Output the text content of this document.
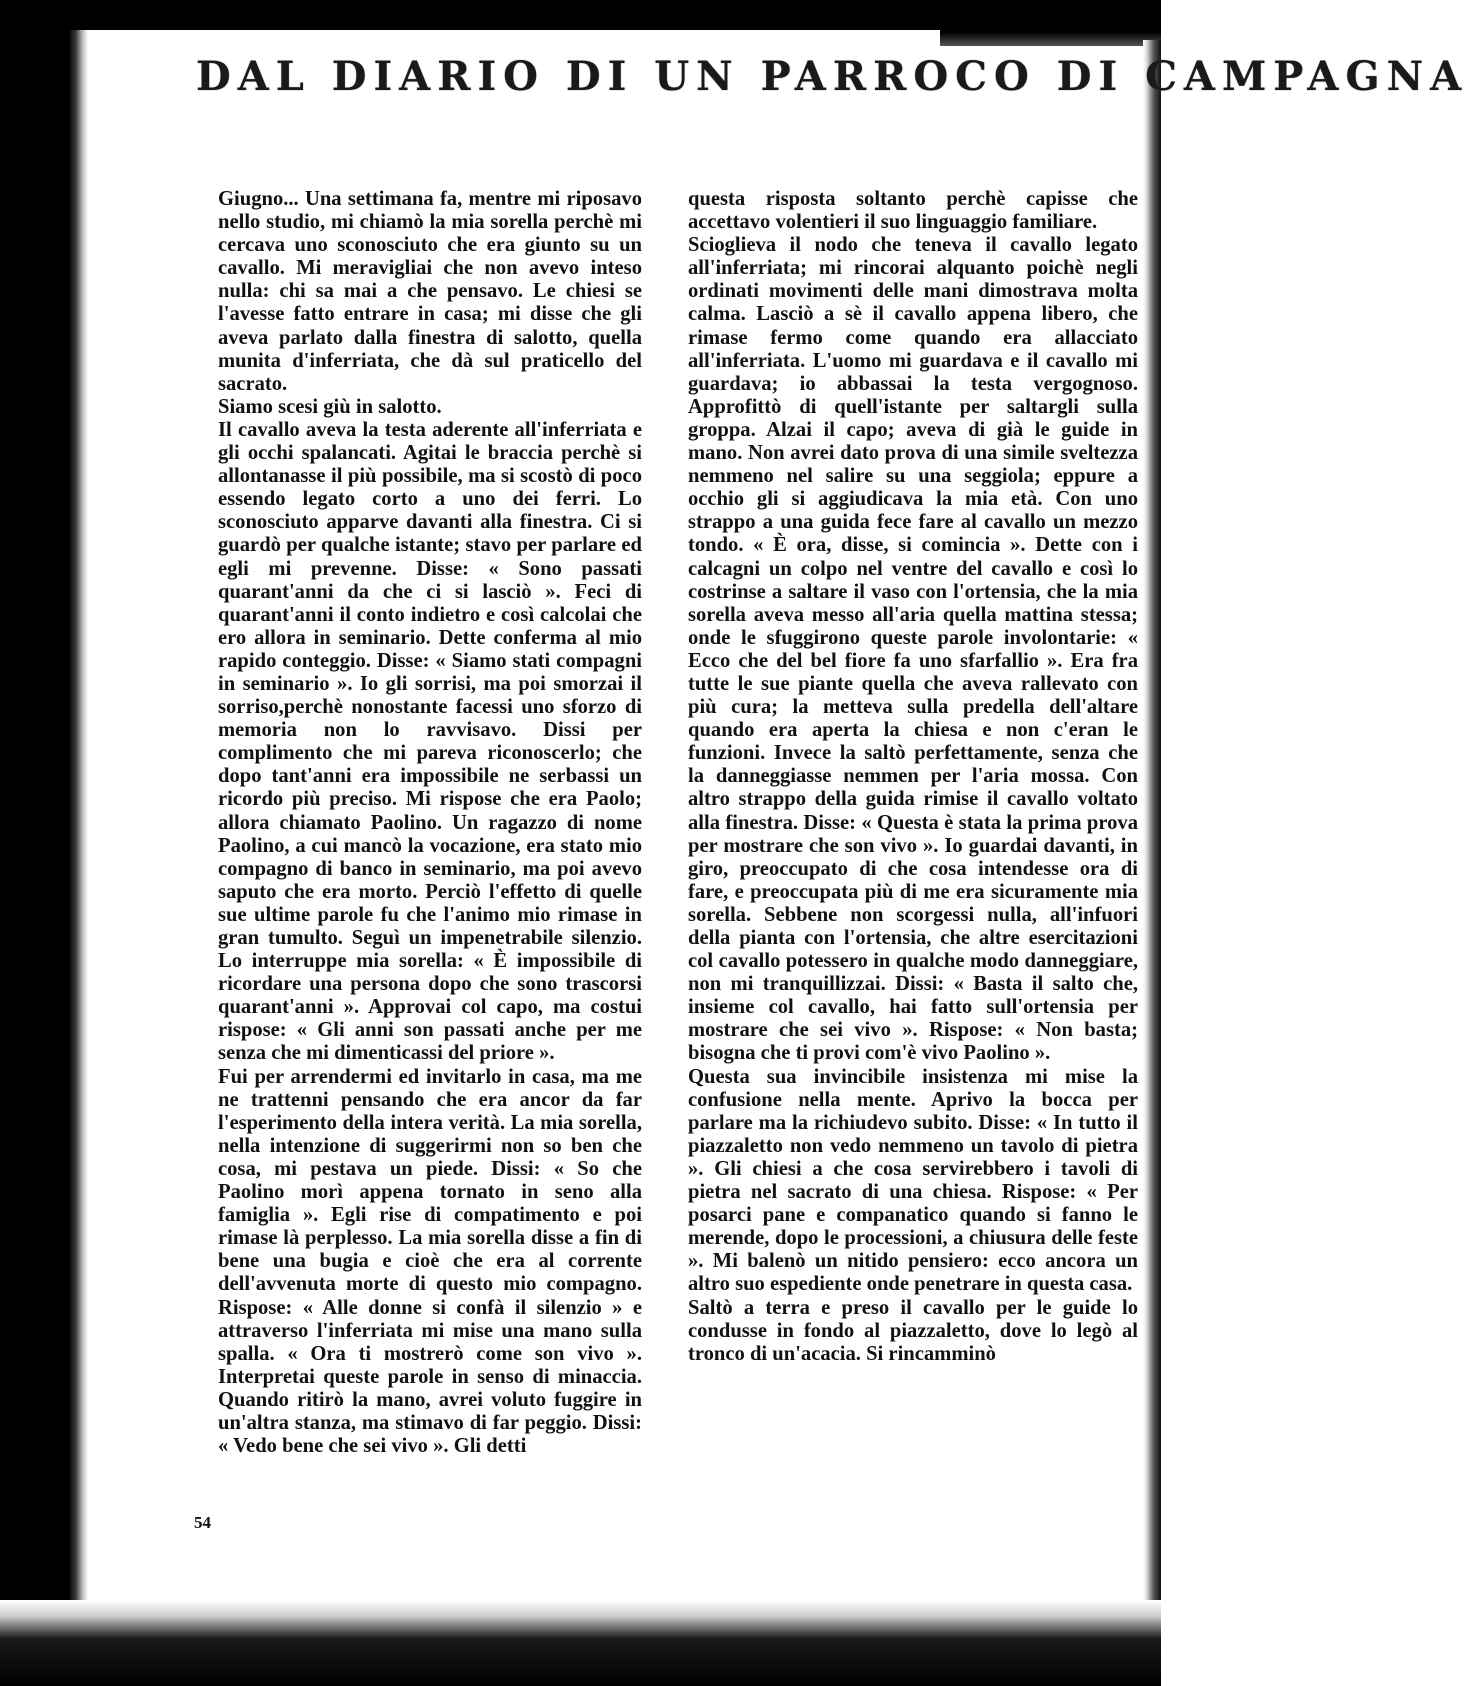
DAL DIARIO DI UN PARROCO DI CAMPAGNA

Giugno... Una settimana fa, mentre mi riposavo nello studio, mi chiamò la mia sorella perchè mi cercava uno sconosciuto che era giunto su un cavallo. Mi meravigliai che non avevo inteso nulla: chi sa mai a che pensavo. Le chiesi se l'avesse fatto entrare in casa; mi disse che gli aveva parlato dalla finestra di salotto, quella munita d'inferriata, che dà sul praticello del sacrato.

Siamo scesi giù in salotto.

Il cavallo aveva la testa aderente all'inferriata e gli occhi spalancati. Agitai le braccia perchè si allontanasse il più possibile, ma si scostò di poco essendo legato corto a uno dei ferri. Lo sconosciuto apparve davanti alla finestra. Ci si guardò per qualche istante; stavo per parlare ed egli mi prevenne. Disse: « Sono passati quarant'anni da che ci si lasciò ». Feci di quarant'anni il conto indietro e così calcolai che ero allora in seminario. Dette conferma al mio rapido conteggio. Disse: « Siamo stati compagni in seminario ». Io gli sorrisi, ma poi smorzai il sorriso,perchè nonostante facessi uno sforzo di memoria non lo ravvisavo. Dissi per complimento che mi pareva riconoscerlo; che dopo tant'anni era impossibile ne serbassi un ricordo più preciso. Mi rispose che era Paolo; allora chiamato Paolino. Un ragazzo di nome Paolino, a cui mancò la vocazione, era stato mio compagno di banco in seminario, ma poi avevo saputo che era morto. Perciò l'effetto di quelle sue ultime parole fu che l'animo mio rimase in gran tumulto. Seguì un impenetrabile silenzio. Lo interruppe mia sorella: « È impossibile di ricordare una persona dopo che sono trascorsi quarant'anni ». Approvai col capo, ma costui rispose: « Gli anni son passati anche per me senza che mi dimenticassi del priore ».

Fui per arrendermi ed invitarlo in casa, ma me ne trattenni pensando che era ancor da far l'esperimento della intera verità. La mia sorella, nella intenzione di suggerirmi non so ben che cosa, mi pestava un piede. Dissi: « So che Paolino morì appena tornato in seno alla famiglia ». Egli rise di compatimento e poi rimase là perplesso. La mia sorella disse a fin di bene una bugia e cioè che era al corrente dell'avvenuta morte di questo mio compagno. Rispose: « Alle donne si confà il silenzio » e attraverso l'inferriata mi mise una mano sulla spalla. « Ora ti mostrerò come son vivo ». Interpretai queste parole in senso di minaccia. Quando ritirò la mano, avrei voluto fuggire in un'altra stanza, ma stimavo di far peggio. Dissi: « Vedo bene che sei vivo ». Gli detti

questa risposta soltanto perchè capisse che accettavo volentieri il suo linguaggio familiare.

Scioglieva il nodo che teneva il cavallo legato all'inferriata; mi rincorai alquanto poichè negli ordinati movimenti delle mani dimostrava molta calma. Lasciò a sè il cavallo appena libero, che rimase fermo come quando era allacciato all'inferriata. L'uomo mi guardava e il cavallo mi guardava; io abbassai la testa vergognoso. Approfittò di quell'istante per saltargli sulla groppa. Alzai il capo; aveva di già le guide in mano. Non avrei dato prova di una simile sveltezza nemmeno nel salire su una seggiola; eppure a occhio gli si aggiudicava la mia età. Con uno strappo a una guida fece fare al cavallo un mezzo tondo. « È ora, disse, si comincia ». Dette con i calcagni un colpo nel ventre del cavallo e così lo costrinse a saltare il vaso con l'ortensia, che la mia sorella aveva messo all'aria quella mattina stessa; onde le sfuggirono queste parole involontarie: « Ecco che del bel fiore fa uno sfarfallio ». Era fra tutte le sue piante quella che aveva rallevato con più cura; la metteva sulla predella dell'altare quando era aperta la chiesa e non c'eran le funzioni. Invece la saltò perfettamente, senza che la danneggiasse nemmen per l'aria mossa. Con altro strappo della guida rimise il cavallo voltato alla finestra. Disse: « Questa è stata la prima prova per mostrare che son vivo ». Io guardai davanti, in giro, preoccupato di che cosa intendesse ora di fare, e preoccupata più di me era sicuramente mia sorella. Sebbene non scorgessi nulla, all'infuori della pianta con l'ortensia, che altre esercitazioni col cavallo potessero in qualche modo danneggiare, non mi tranquillizzai. Dissi: « Basta il salto che, insieme col cavallo, hai fatto sull'ortensia per mostrare che sei vivo ». Rispose: « Non basta; bisogna che ti provi com'è vivo Paolino ».

Questa sua invincibile insistenza mi mise la confusione nella mente. Aprivo la bocca per parlare ma la richiudevo subito. Disse: « In tutto il piazzaletto non vedo nemmeno un tavolo di pietra ». Gli chiesi a che cosa servirebbero i tavoli di pietra nel sacrato di una chiesa. Rispose: « Per posarci pane e companatico quando si fanno le merende, dopo le processioni, a chiusura delle feste ». Mi balenò un nitido pensiero: ecco ancora un altro suo espediente onde penetrare in questa casa.

Saltò a terra e preso il cavallo per le guide lo condusse in fondo al piazzaletto, dove lo legò al tronco di un'acacia. Si rincamminò

54
